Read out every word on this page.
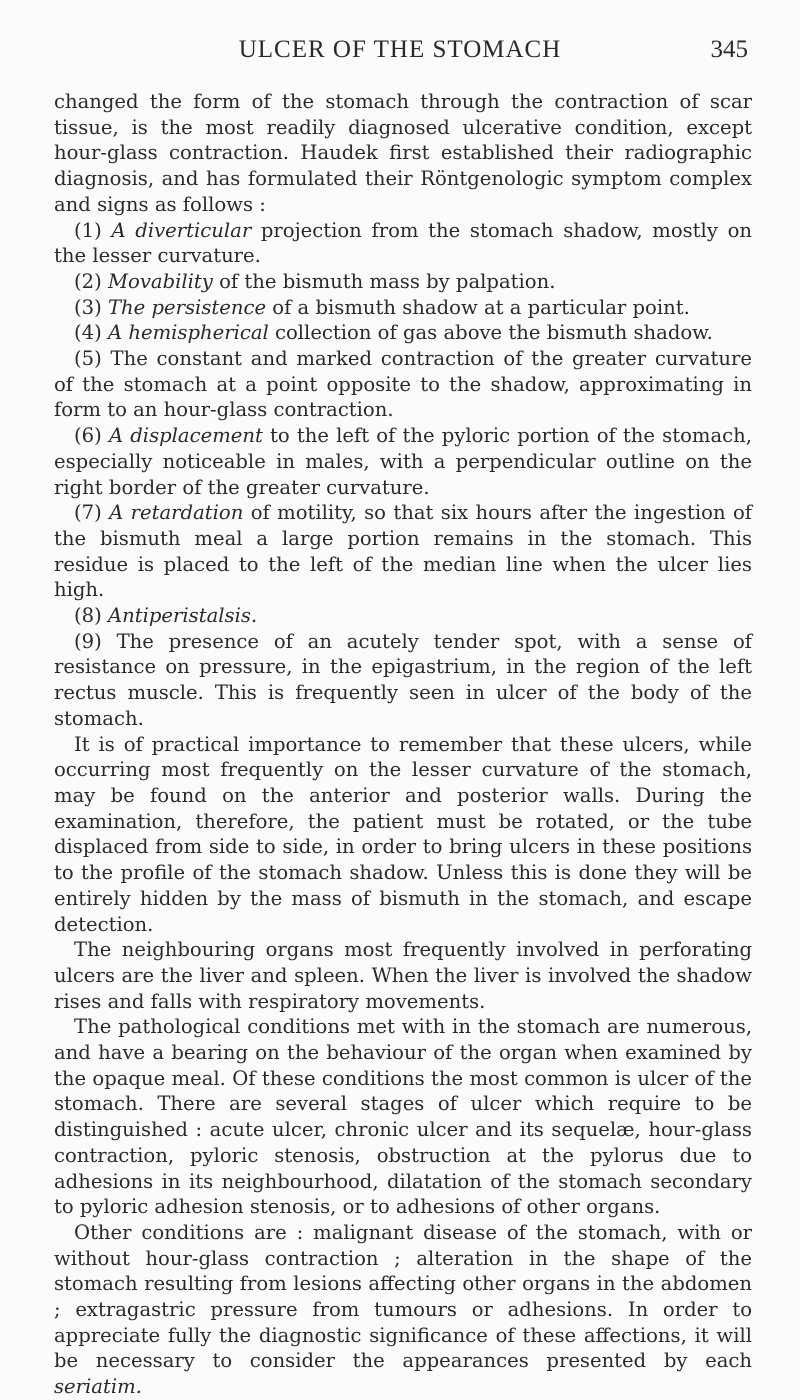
ULCER OF THE STOMACH	345

changed the form of the stomach through the contraction of scar tissue, is the most readily diagnosed ulcerative condition, except hour-glass contraction. Haudek first established their radiographic diagnosis, and has formulated their Röntgenologic symptom complex and signs as follows :

(1) A diverticular projection from the stomach shadow, mostly on the lesser curvature.

(2) Movability of the bismuth mass by palpation.

(3) The persistence of a bismuth shadow at a particular point.

(4) A hemispherical collection of gas above the bismuth shadow.

(5) The constant and marked contraction of the greater curvature of the stomach at a point opposite to the shadow, approximating in form to an hour-glass contraction.

(6) A displacement to the left of the pyloric portion of the stomach, especially noticeable in males, with a perpendicular outline on the right border of the greater curvature.

(7) A retardation of motility, so that six hours after the ingestion of the bismuth meal a large portion remains in the stomach. This residue is placed to the left of the median line when the ulcer lies high.

(8) Antiperistalsis.

(9) The presence of an acutely tender spot, with a sense of resistance on pressure, in the epigastrium, in the region of the left rectus muscle. This is frequently seen in ulcer of the body of the stomach.

It is of practical importance to remember that these ulcers, while occurring most frequently on the lesser curvature of the stomach, may be found on the anterior and posterior walls. During the examination, therefore, the patient must be rotated, or the tube displaced from side to side, in order to bring ulcers in these positions to the profile of the stomach shadow. Unless this is done they will be entirely hidden by the mass of bismuth in the stomach, and escape detection.

The neighbouring organs most frequently involved in perforating ulcers are the liver and spleen. When the liver is involved the shadow rises and falls with respiratory movements.

The pathological conditions met with in the stomach are numerous, and have a bearing on the behaviour of the organ when examined by the opaque meal. Of these conditions the most common is ulcer of the stomach. There are several stages of ulcer which require to be distinguished : acute ulcer, chronic ulcer and its sequelæ, hour-glass contraction, pyloric stenosis, obstruction at the pylorus due to adhesions in its neighbourhood, dilatation of the stomach secondary to pyloric adhesion stenosis, or to adhesions of other organs.

Other conditions are : malignant disease of the stomach, with or without hour-glass contraction ; alteration in the shape of the stomach resulting from lesions affecting other organs in the abdomen ; extragastric pressure from tumours or adhesions. In order to appreciate fully the diagnostic significance of these affections, it will be necessary to consider the appearances presented by each seriatim.
